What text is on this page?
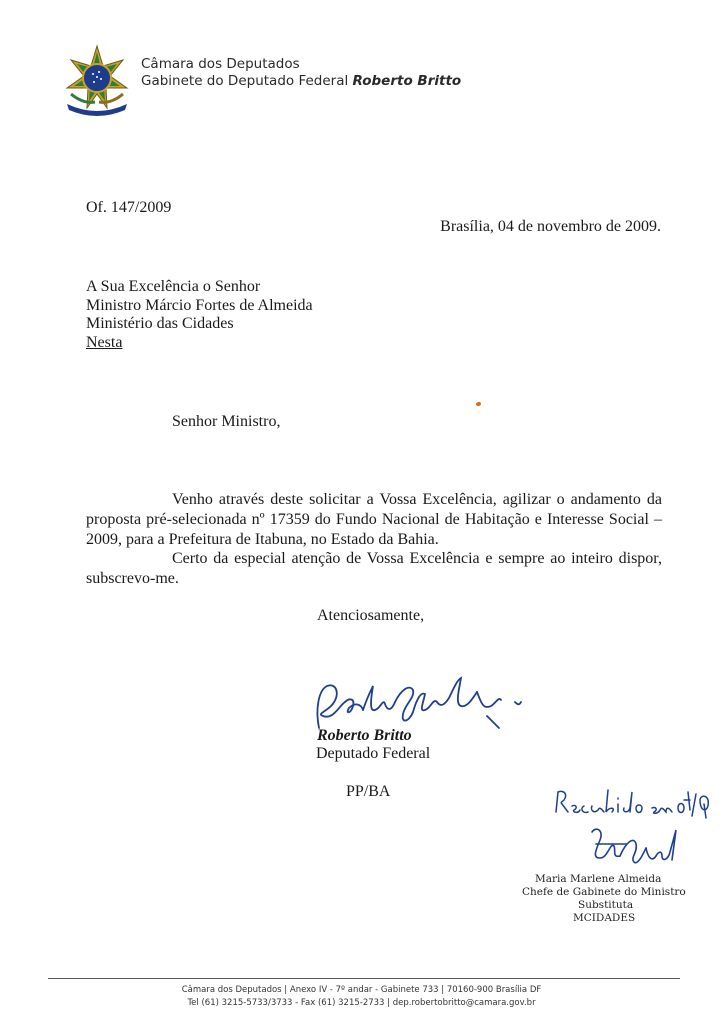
Câmara dos Deputados
Gabinete do Deputado Federal Roberto Britto
Of. 147/2009
Brasília, 04 de novembro de 2009.
A Sua Excelência o Senhor
Ministro Márcio Fortes de Almeida
Ministério das Cidades
Nesta
Senhor Ministro,
Venho através deste solicitar a Vossa Excelência, agilizar o andamento da proposta pré-selecionada nº 17359 do Fundo Nacional de Habitação e Interesse Social – 2009, para a Prefeitura de Itabuna, no Estado da Bahia.
Certo da especial atenção de Vossa Excelência e sempre ao inteiro dispor, subscrevo-me.
Atenciosamente,
Roberto Britto
Deputado Federal
PP/BA
Maria Marlene Almeida
Chefe de Gabinete do Ministro
Substituta
MCIDADES
Câmara dos Deputados | Anexo IV - 7º andar - Gabinete 733 | 70160-900 Brasília DF
Tel (61) 3215-5733/3733 - Fax (61) 3215-2733 | dep.robertobritto@camara.gov.br
